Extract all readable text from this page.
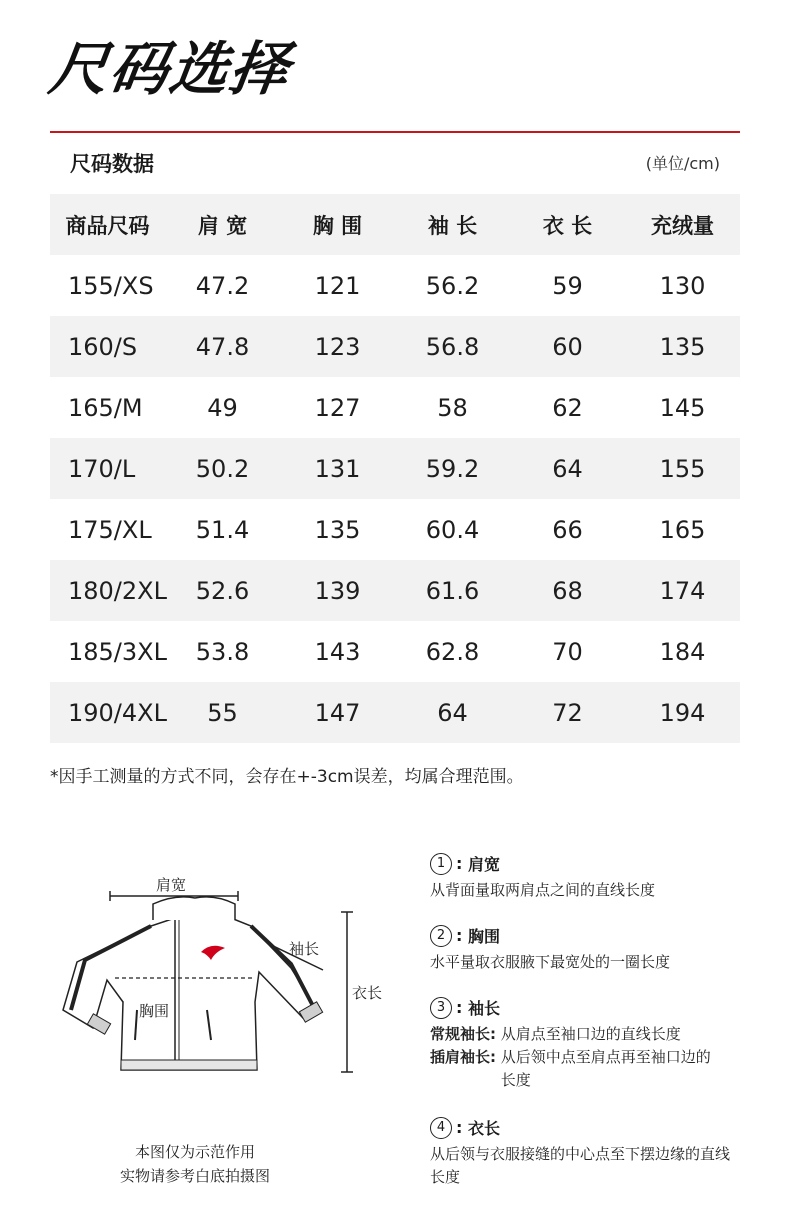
尺码选择
尺码数据	(单位/cm)
商品尺码	肩 宽	胸 围	袖 长	衣 长	充绒量
155/XS	47.2	121	56.2	59	130
160/S	47.8	123	56.8	60	135
165/M	49	127	58	62	145
170/L	50.2	131	59.2	64	155
175/XL	51.4	135	60.4	66	165
180/2XL	52.6	139	61.6	68	174
185/3XL	53.8	143	62.8	70	184
190/4XL	55	147	64	72	194
*因手工测量的方式不同，会存在+-3cm误差，均属合理范围。
肩宽
袖长
衣长
胸围
本图仅为示范作用
实物请参考白底拍摄图
1 : 肩宽
从背面量取两肩点之间的直线长度
2 : 胸围
水平量取衣服腋下最宽处的一圈长度
3 : 袖长
常规袖长:
从肩点至袖口边的直线长度
插肩袖长:
从后领中点至肩点再至袖口边的长度
4 : 衣长
从后领与衣服接缝的中心点至下摆边缘的直线长度
